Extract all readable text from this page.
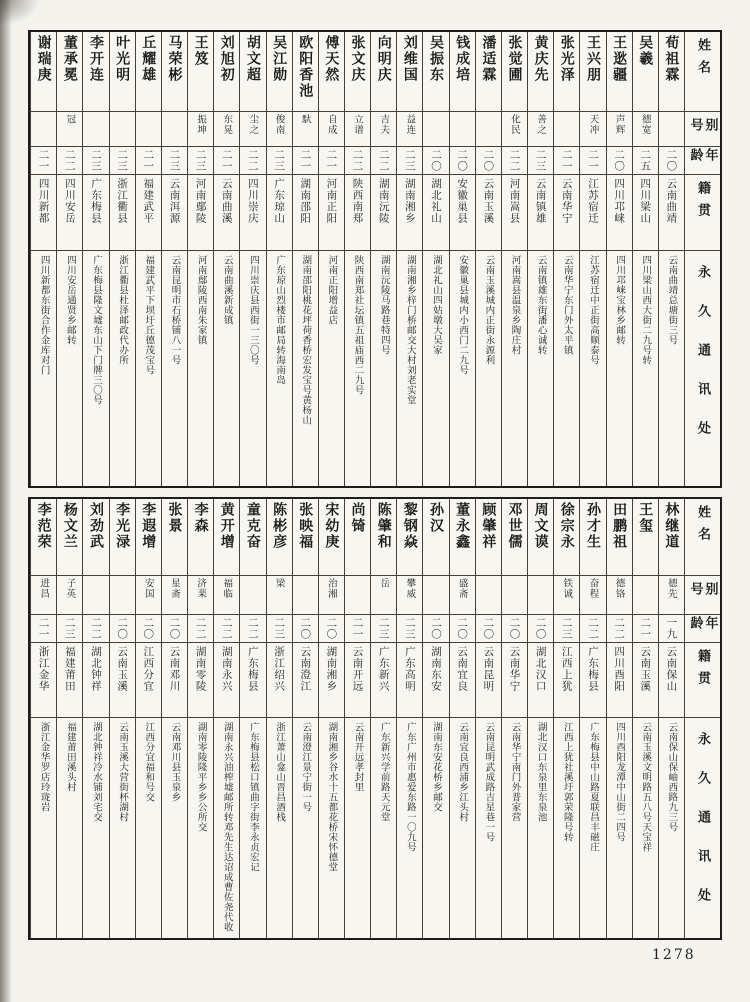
姓名
别号
年龄
籍贯
永久通讯处
荀祖霖
二〇
云南曲靖
云南曲靖总塘街三号
吴羲
德宽
二五
四川梁山
四川梁山西大街二九号转
王逖疆
声辉
二〇
四川邛崃
四川邛崃宝林乡邮转
王兴朋
天冲
二一
江苏宿迁
江苏宿迁中正街高顺泰号
张光泽
二一
云南华宁
云南华宁东门外太平镇
黄庆先
善之
二三
云南镇雄
云南镇雄东街潘心诚转
张觉圃
化民
二二
河南嵩县
河南嵩县温泉乡陶庄村
潘适霖
二〇
云南玉溪
云南玉溪城内正街永源利
钱成培
二〇
安徽巢县
安徽巢县城内小西门二九号
吴振东
二〇
湖北礼山
湖北礼山四姑墩大吴家
刘维国
益连
二三
湖南湘乡
湖南湘乡梓门桥邮交大村刘老实堂
向明庆
吉夫
二二
湖南沅陵
湖南沅陵马路巷特四号
张文庆
立谱
二二
陕西南郑
陕西南郑社坛镇五祖庙西二九号
傅天然
自成
二一
河南正阳
河南正阳增益店
欧阳香池
馱
二一
湖南邵阳
湖南邵阳桃花坪荷香桥宏发宝号黄杨山
吴江勋
俊南
二三
广东琼山
广东琼山烈楼市邮局转海南岛
胡文超
尘之
二二
四川崇庆
四川崇庆县西街一三〇号
刘旭初
东晃
二一
云南曲溪
云南曲溪新成镇
王笈
振坤
二三
河南鄢陵
河南鄢陵西南朱家镇
马荣彬
二三
云南洱源
云南昆明市石桥铺八一号
丘耀雄
二一
福建武平
福建武平下坝圩丘德茂宝号
叶光明
二三
浙江衢县
浙江衢县杜泽邮政代办所
李开连
二三
广东梅县
广东梅县隆文墟东山下门牌三〇号
董承冕
冠
二二
四川安岳
四川安岳通贤乡邮转
谢瑞庚
二一
四川新都
四川新都东街合作金库对门
姓名
别号
年龄
籍贯
永久通讯处
林继道
德先
一九
云南保山
云南保山保岫西路九三号
王玺
二一
云南玉溪
云南玉溪文明路五八号天宝祥
田鹏祖
德铬
二二
四川酉阳
四川酉阳龙潭中山街二四号
孙才生
奋程
二二
广东梅县
广东梅县中山路夏联昌丰磁庄
徐宗永
铁诚
二三
江西上犹
江西上犹社溪圩郭荣隆号转
周文谟
二〇
湖北汉口
湖北汉口东泉里东泉池
邓世儒
二〇
云南华宁
云南华宁南门外普家营
顾肇祥
二〇
云南昆明
云南昆明武成路吉星巷一号
董永鑫
盛斋
二〇
云南宜良
云南宜良西浦乡江头村
孙汉
二〇
湖南东安
湖南东安花桥乡邮交
黎钢焱
攀威
二三
广东高明
广东广州市惠爱东路一〇九号
陈肇和
岳
二三
广东新兴
广东新兴学前路天元堂
尚锜
二一
云南开远
云南开远孝封里
宋幼庚
治湘
二〇
湖南湘乡
湖南湘乡谷水十五都花桥宋怀德堂
张映福
二〇
云南澄江
云南澄江景宁街一号
陈彬彦
梁
二三
浙江绍兴
浙江萧山龛山晋昌酒栈
童克奋
二二
广东梅县
广东梅县松口镇曲字街李永贞宏记
黄开增
福临
二二
湖南永兴
湖南永兴油榨墟邮所转邓先生达诏成曹佐尧代收
李森
济棐
二二
湖南零陵
湖南零陵隆平乡乡公所交
张景
星斋
二〇
云南邓川
云南邓川县玉泉乡
李遐增
安国
二〇
江西分宜
江西分宜福和号交
李光渌
二〇
云南玉溪
云南玉溪大营街杯湖村
刘劲武
二二
湖北钟祥
湖北钟祥冷水铺刘宅交
杨文兰
子英
二三
福建莆田
福建莆田溪头村
李范荣
进昌
二一
浙江金华
浙江金华罗店玲珑岩
1278
